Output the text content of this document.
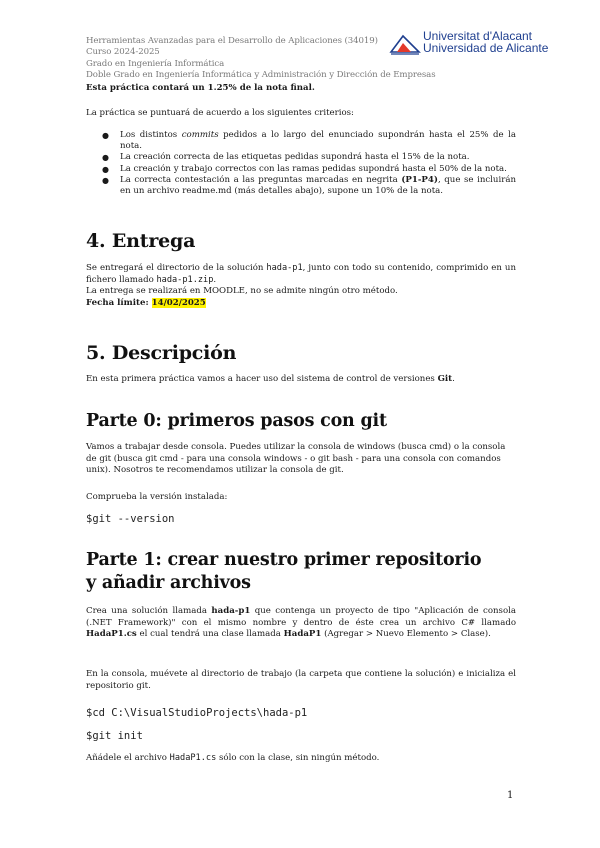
Herramientas Avanzadas para el Desarrollo de Aplicaciones (34019)
Curso 2024-2025
Grado en Ingeniería Informática
Doble Grado en Ingeniería Informática y Administración y Dirección de Empresas
Universitat d'Alacant
Universidad de Alicante

Esta práctica contará un 1.25% de la nota final.

La práctica se puntuará de acuerdo a los siguientes criterios:

● Los distintos commits pedidos a lo largo del enunciado supondrán hasta el 25% de la nota.
● La creación correcta de las etiquetas pedidas supondrá hasta el 15% de la nota.
● La creación y trabajo correctos con las ramas pedidas supondrá hasta el 50% de la nota.
● La correcta contestación a las preguntas marcadas en negrita (P1-P4), que se incluirán en un archivo readme.md (más detalles abajo), supone un 10% de la nota.
4. Entrega

Se entregará el directorio de la solución hada-p1, junto con todo su contenido, comprimido en un fichero llamado hada-p1.zip.

La entrega se realizará en MOODLE, no se admite ningún otro método.

Fecha límite: 14/02/2025

5. Descripción

En esta primera práctica vamos a hacer uso del sistema de control de versiones Git.

Parte 0: primeros pasos con git

Vamos a trabajar desde consola. Puedes utilizar la consola de windows (busca cmd) o la consola de git (busca git cmd - para una consola windows - o git bash - para una consola con comandos unix). Nosotros te recomendamos utilizar la consola de git.

Comprueba la versión instalada:

$git --version
Parte 1: crear nuestro primer repositorio
y añadir archivos

Crea una solución llamada hada-p1 que contenga un proyecto de tipo "Aplicación de consola (.NET Framework)" con el mismo nombre y dentro de éste crea un archivo C# llamado HadaP1.cs el cual tendrá una clase llamada HadaP1 (Agregar > Nuevo Elemento > Clase).

En la consola, muévete al directorio de trabajo (la carpeta que contiene la solución) e inicializa el repositorio git.

$cd C:\VisualStudioProjects\hada-p1
$git init

Añádele el archivo HadaP1.cs sólo con la clase, sin ningún método.

1
